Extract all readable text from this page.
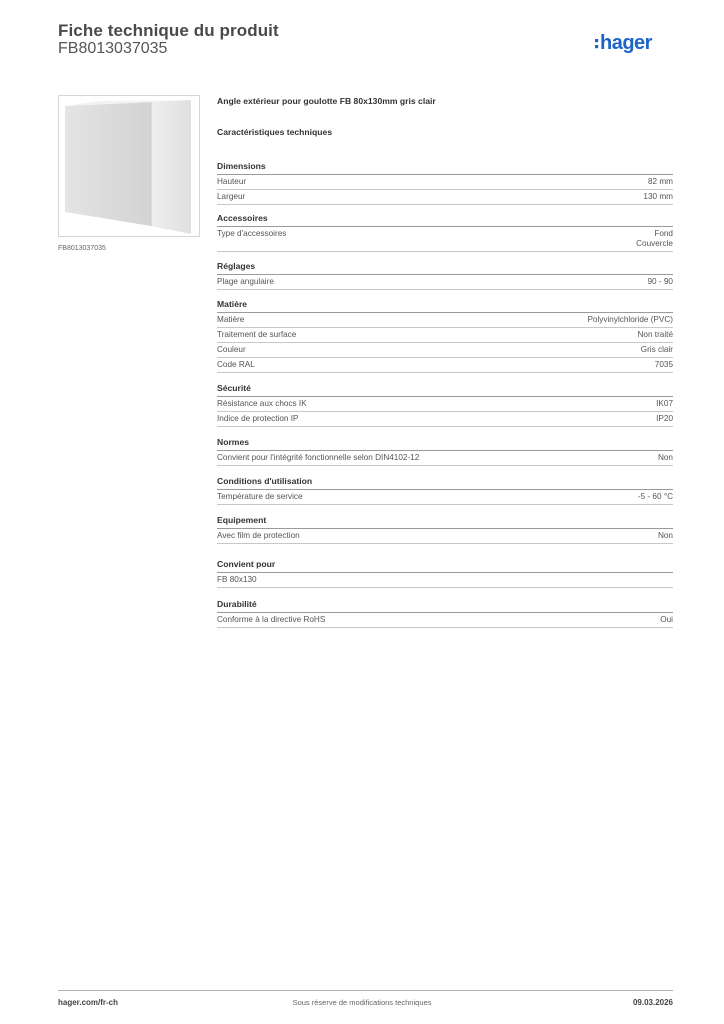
Fiche technique du produit
FB8013037035	hager
FB8013037035
Angle extérieur pour goulotte FB 80x130mm gris clair
Caractéristiques techniques
Dimensions
Hauteur	82 mm
Largeur	130 mm
Accessoires
Type d'accessoires	Fond
Couvercle
Réglages
Plage angulaire	90 - 90
Matière
Matière	Polyvinylchloride (PVC)
Traitement de surface	Non traité
Couleur	Gris clair
Code RAL	7035
Sécurité
Résistance aux chocs IK	IK07
Indice de protection IP	IP20
Normes
Convient pour l'intégrité fonctionnelle selon DIN4102-12	Non
Conditions d'utilisation
Température de service	-5 - 60 °C
Equipement
Avec film de protection	Non
Convient pour
FB 80x130
Durabilité
Conforme à la directive RoHS	Oui
hager.com/fr-ch	Sous réserve de modifications techniques	09.03.2026
